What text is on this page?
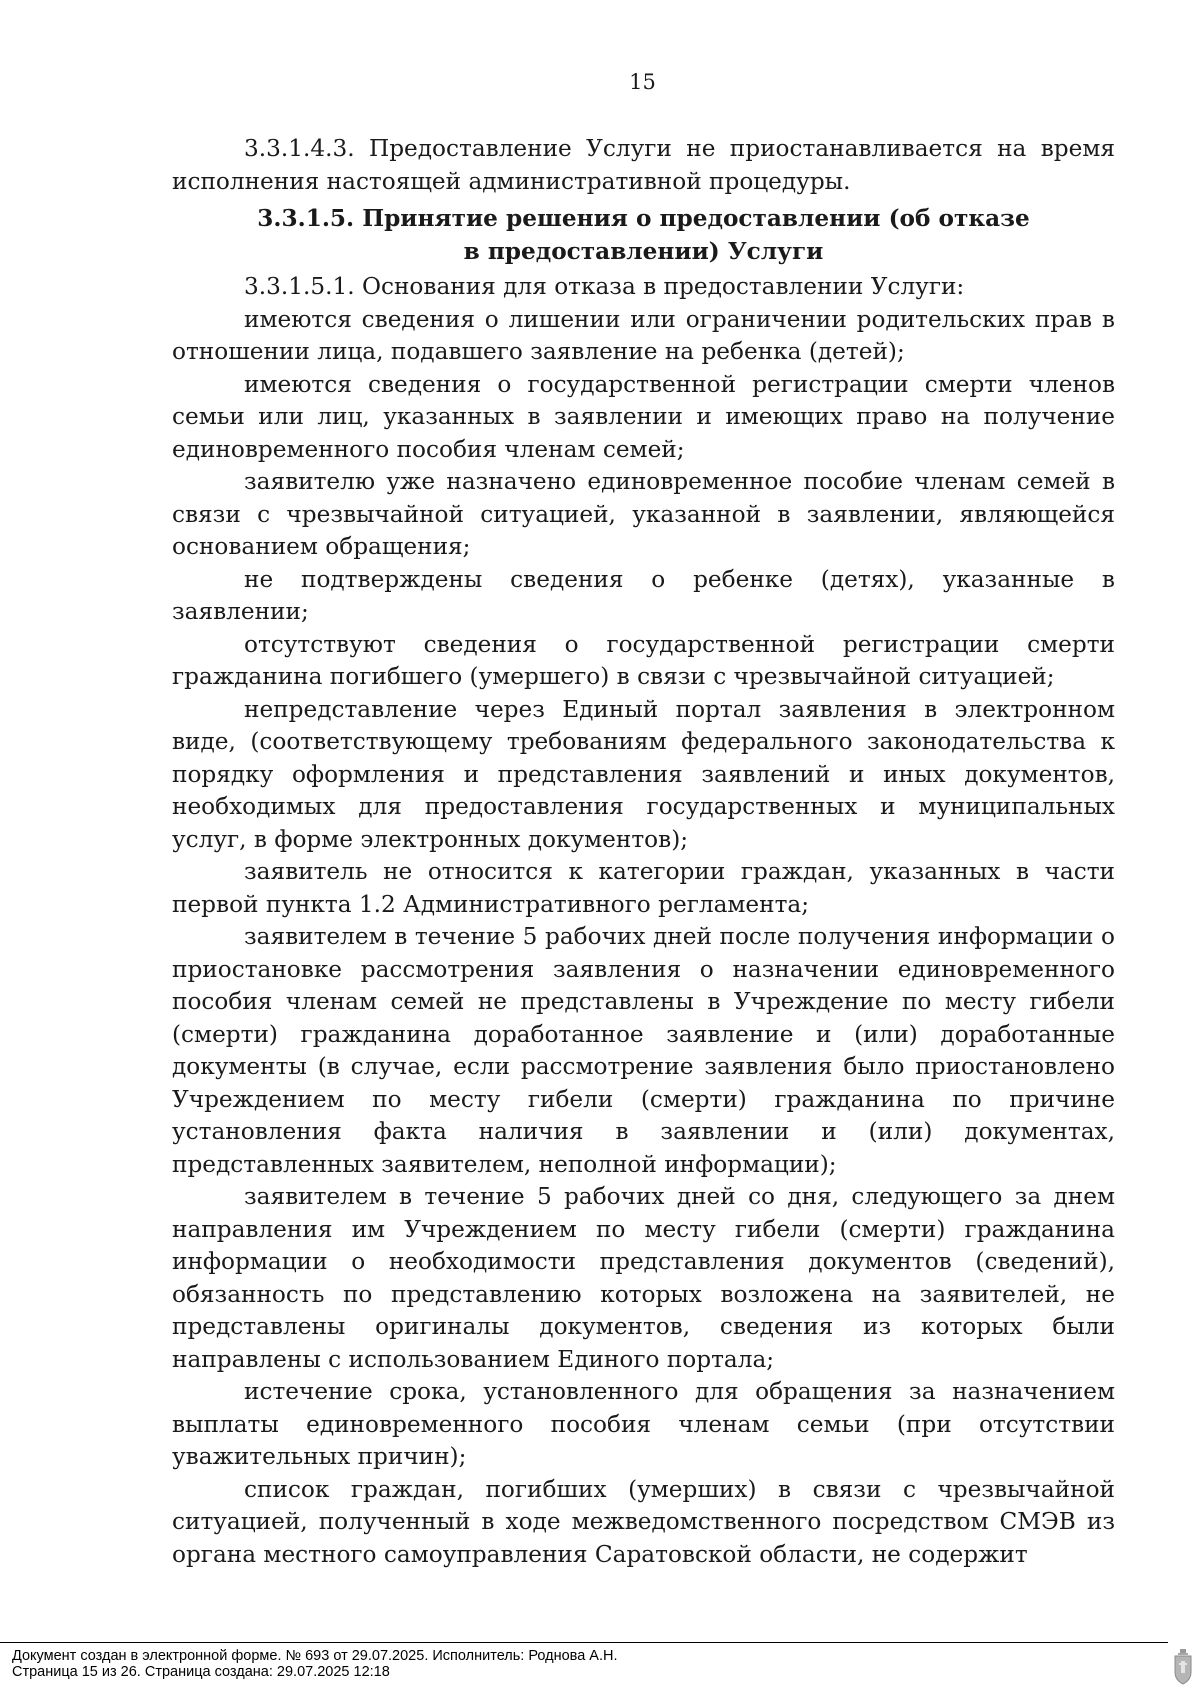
15

3.3.1.4.3. Предоставление Услуги не приостанавливается на время исполнения настоящей административной процедуры.

3.3.1.5. Принятие решения о предоставлении (об отказе в предоставлении) Услуги

3.3.1.5.1. Основания для отказа в предоставлении Услуги:

имеются сведения о лишении или ограничении родительских прав в отношении лица, подавшего заявление на ребенка (детей);

имеются сведения о государственной регистрации смерти членов семьи или лиц, указанных в заявлении и имеющих право на получение единовременного пособия членам семей;

заявителю уже назначено единовременное пособие членам семей в связи с чрезвычайной ситуацией, указанной в заявлении, являющейся основанием обращения;

не подтверждены сведения о ребенке (детях), указанные в заявлении;

отсутствуют сведения о государственной регистрации смерти гражданина погибшего (умершего) в связи с чрезвычайной ситуацией;

непредставление через Единый портал заявления в электронном виде, (соответствующему требованиям федерального законодательства к порядку оформления и представления заявлений и иных документов, необходимых для предоставления государственных и муниципальных услуг, в форме электронных документов);

заявитель не относится к категории граждан, указанных в части первой пункта 1.2 Административного регламента;

заявителем в течение 5 рабочих дней после получения информации о приостановке рассмотрения заявления о назначении единовременного пособия членам семей не представлены в Учреждение по месту гибели (смерти) гражданина доработанное заявление и (или) доработанные документы (в случае, если рассмотрение заявления было приостановлено Учреждением по месту гибели (смерти) гражданина по причине установления факта наличия в заявлении и (или) документах, представленных заявителем, неполной информации);

заявителем в течение 5 рабочих дней со дня, следующего за днем направления им Учреждением по месту гибели (смерти) гражданина информации о необходимости представления документов (сведений), обязанность по представлению которых возложена на заявителей, не представлены оригиналы документов, сведения из которых были направлены с использованием Единого портала;

истечение срока, установленного для обращения за назначением выплаты единовременного пособия членам семьи (при отсутствии уважительных причин);

список граждан, погибших (умерших) в связи с чрезвычайной ситуацией, полученный в ходе межведомственного посредством СМЭВ из органа местного самоуправления Саратовской области, не содержит

Документ создан в электронной форме. № 693 от 29.07.2025. Исполнитель: Роднова А.Н.
Страница 15 из 26. Страница создана: 29.07.2025 12:18
